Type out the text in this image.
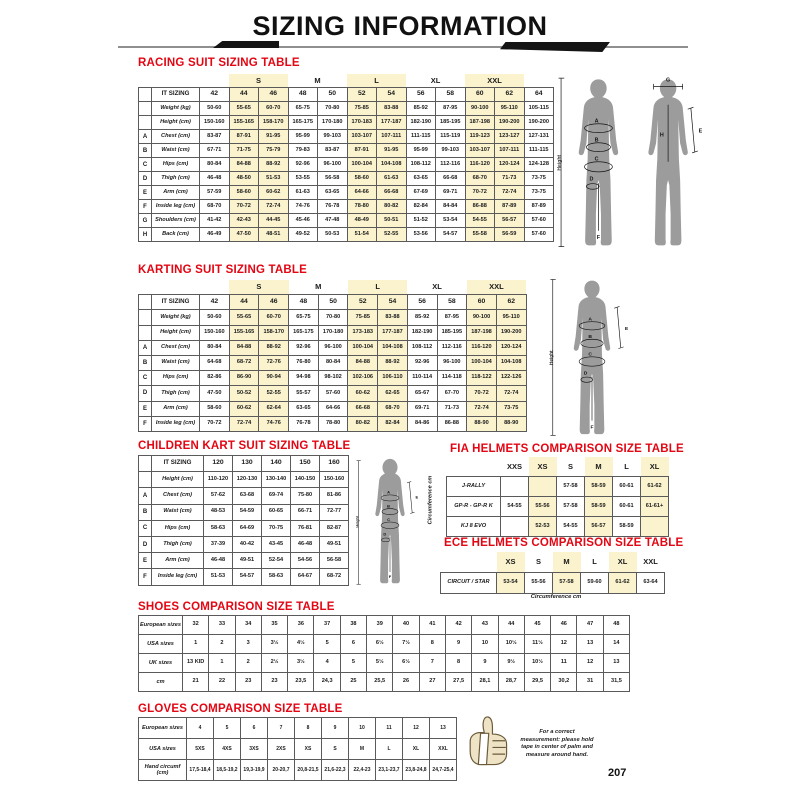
SIZING INFORMATION
RACING SUIT SIZING TABLE
KARTING SUIT SIZING TABLE
CHILDREN KART SUIT SIZING TABLE	FIA HELMETS COMPARISON SIZE TABLE
ECE HELMETS COMPARISON SIZE TABLE
SHOES COMPARISON SIZE TABLE
GLOVES COMPARISON SIZE TABLE
			S		M		L		XL		XXL		
	IT SIZING	42	44	46	48	50	52	54	56	58	60	62	64
	Weight (kg)	50-60	55-65	60-70	65-75	70-80	75-85	83-88	85-92	87-95	90-100	95-110	105-115
	Height (cm)	150-160	155-165	158-170	165-175	170-180	170-183	177-187	182-190	185-195	187-198	190-200	190-200
A	Chest (cm)	83-87	87-91	91-95	95-99	99-103	103-107	107-111	111-115	115-119	119-123	123-127	127-131
B	Waist (cm)	67-71	71-75	75-79	79-83	83-87	87-91	91-95	95-99	99-103	103-107	107-111	111-115
C	Hips (cm)	80-84	84-88	88-92	92-96	96-100	100-104	104-108	108-112	112-116	116-120	120-124	124-128
D	Thigh (cm)	46-48	48-50	51-53	53-55	56-58	58-60	61-63	63-65	66-68	68-70	71-73	73-75
E	Arm (cm)	57-59	58-60	60-62	61-63	63-65	64-66	66-68	67-69	69-71	70-72	72-74	73-75
F	Inside leg (cm)	68-70	70-72	72-74	74-76	76-78	78-80	80-82	82-84	84-84	86-88	87-89	87-89
G	Shoulders (cm)	41-42	42-43	44-45	45-46	47-48	48-49	50-51	51-52	53-54	54-55	56-57	57-60
H	Back (cm)	46-49	47-50	48-51	49-52	50-53	51-54	52-55	53-56	54-57	55-58	56-59	57-60
			S		M		L		XL		XXL	
	IT SIZING	42	44	46	48	50	52	54	56	58	60	62
	Weight (kg)	50-60	55-65	60-70	65-75	70-80	75-85	83-88	85-92	87-95	90-100	95-110
	Height (cm)	150-160	155-165	158-170	165-175	170-180	173-183	177-187	182-190	185-195	187-198	190-200
A	Chest (cm)	80-84	84-88	88-92	92-96	96-100	100-104	104-108	108-112	112-116	116-120	120-124
B	Waist (cm)	64-68	68-72	72-76	76-80	80-84	84-88	88-92	92-96	96-100	100-104	104-108
C	Hips (cm)	82-86	86-90	90-94	94-98	98-102	102-106	106-110	110-114	114-118	118-122	122-126
D	Thigh (cm)	47-50	50-52	52-55	55-57	57-60	60-62	62-65	65-67	67-70	70-72	72-74
E	Arm (cm)	58-60	60-62	62-64	63-65	64-66	66-68	68-70	69-71	71-73	72-74	73-75
F	Inside leg (cm)	70-72	72-74	74-76	76-78	78-80	80-82	82-84	84-86	86-88	88-90	88-90
	IT SIZING	120	130	140	150	160
	Height (cm)	110-120	120-130	130-140	140-150	150-160
A	Chest (cm)	57-62	63-68	69-74	75-80	81-86
B	Waist (cm)	48-53	54-59	60-65	66-71	72-77
C	Hips (cm)	58-63	64-69	70-75	76-81	82-87
D	Thigh (cm)	37-39	40-42	43-45	46-48	49-51
E	Arm (cm)	46-48	49-51	52-54	54-56	56-58
F	Inside leg (cm)	51-53	54-57	58-63	64-67	68-72
	XXS	XS	S	M	L	XL
J-RALLY			57-58	58-59	60-61	61-62
GP-R - GP-R K	54-55	55-56	57-58	58-59	60-61	61-61+
KJ 8 EVO		52-53	54-55	56-57	58-59	
	XS	S	M	L	XL	XXL
CIRCUIT / STAR	53-54	55-56	57-58	59-60	61-62	63-64
European sizes	32	33	34	35	36	37	38	39	40	41	42	43	44	45	46	47	48
USA sizes	1	2	3	3½	4½	5	6	6½	7½	8	9	10	10½	11½	12	13	14
UK sizes	13 KID	1	2	2½	3½	4	5	5½	6½	7	8	9	9½	10½	11	12	13
cm	21	22	23	23	23,5	24,3	25	25,5	26	27	27,5	28,1	28,7	29,5	30,2	31	31,5
European sizes	4	5	6	7	8	9	10	11	12	13
USA sizes	5XS	4XS	3XS	2XS	XS	S	M	L	XL	XXL
Hand circumf (cm)	17,5-18,4	18,5-19,2	19,3-19,9	20-20,7	20,8-21,5	21,6-22,3	22,4-23	23,1-23,7	23,8-24,8	24,7-25,4
Circumference cm
Circumference cm
Height
A
B
C
D
F
G
H
E
Height
A
B
C
D
F
E
Height
A
B
C
D
F
E
For a correct measurement: please hold tape in center of palm and measure around hand.
207
